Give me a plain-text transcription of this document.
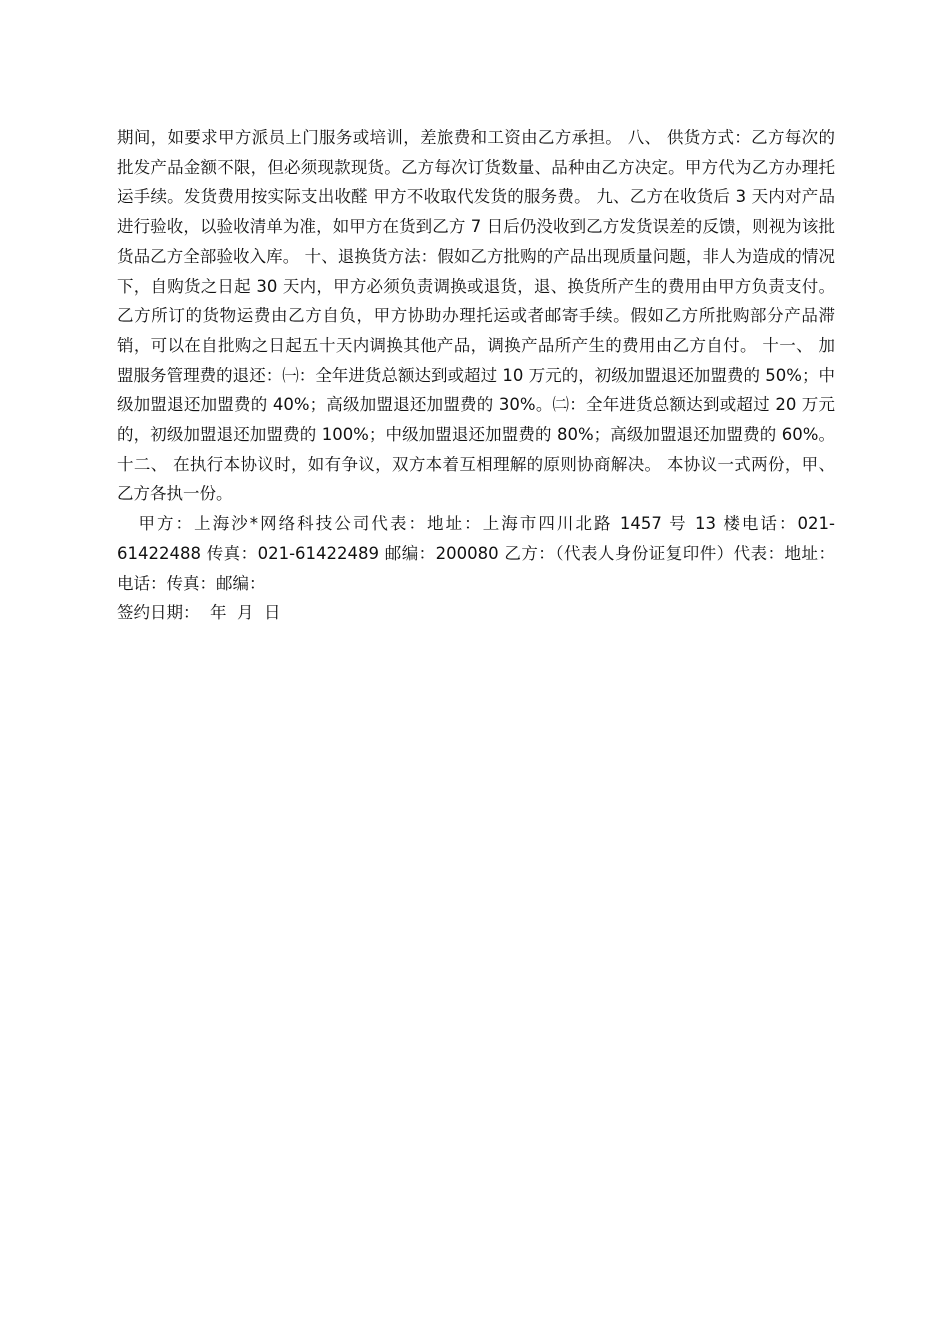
期间，如要求甲方派员上门服务或培训，差旅费和工资由乙方承担。 八、 供货方式：乙方每次的批发产品金额不限，但必须现款现货。乙方每次订货数量、品种由乙方决定。甲方代为乙方办理托运手续。发货费用按实际支出收醛 甲方不收取代发货的服务费。 九、乙方在收货后 3 天内对产品进行验收，以验收清单为准，如甲方在货到乙方 7 日后仍没收到乙方发货误差的反馈，则视为该批货品乙方全部验收入库。 十、退换货方法：假如乙方批购的产品出现质量问题，非人为造成的情况下，自购货之日起 30 天内，甲方必须负责调换或退货，退、换货所产生的费用由甲方负责支付。乙方所订的货物运费由乙方自负，甲方协助办理托运或者邮寄手续。假如乙方所批购部分产品滞销，可以在自批购之日起五十天内调换其他产品，调换产品所产生的费用由乙方自付。 十一、 加盟服务管理费的退还：㈠：全年进货总额达到或超过 10 万元的，初级加盟退还加盟费的 50%；中级加盟退还加盟费的 40%；高级加盟退还加盟费的 30%。㈡：全年进货总额达到或超过 20 万元的，初级加盟退还加盟费的 100%；中级加盟退还加盟费的 80%；高级加盟退还加盟费的 60%。 十二、 在执行本协议时，如有争议，双方本着互相理解的原则协商解决。 本协议一式两份，甲、乙方各执一份。

甲方：上海沙*网络科技公司代表：地址：上海市四川北路 1457 号 13 楼电话：021-61422488 传真：021-61422489 邮编：200080 乙方：（代表人身份证复印件）代表：地址：电话：传真：邮编：

签约日期：  年  月  日
